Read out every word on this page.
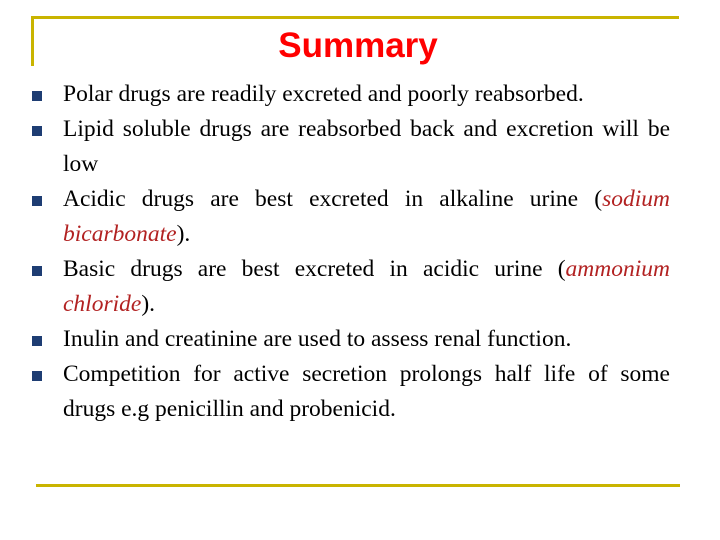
Summary
Polar drugs are readily excreted and poorly reabsorbed.
Lipid soluble drugs are reabsorbed back and excretion will be low
Acidic drugs are best excreted in alkaline urine (sodium bicarbonate).
Basic drugs are best excreted in acidic urine (ammonium chloride).
Inulin and creatinine are used to assess renal function.
Competition for active secretion prolongs half life of some drugs e.g penicillin and probenicid.
